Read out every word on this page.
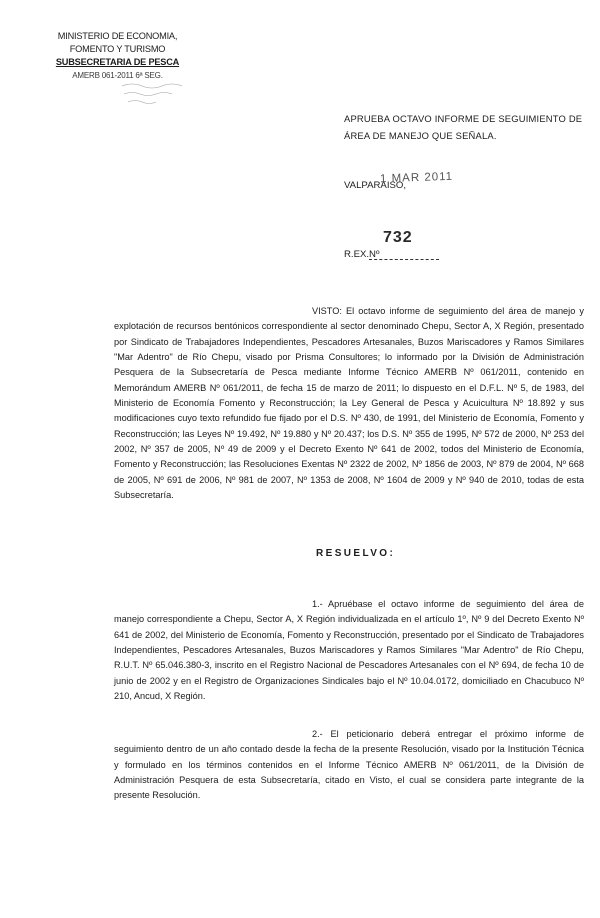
MINISTERIO DE ECONOMIA,
FOMENTO Y TURISMO
SUBSECRETARIA DE PESCA
AMERB 061-2011 6ª SEG.
APRUEBA OCTAVO INFORME DE SEGUIMIENTO DE ÁREA DE MANEJO QUE SEÑALA.
VALPARAISO,
1 MAR 2011
732
R.EX.Nº
VISTO: El octavo informe de seguimiento del área de manejo y explotación de recursos bentónicos correspondiente al sector denominado Chepu, Sector A, X Región, presentado por Sindicato de Trabajadores Independientes, Pescadores Artesanales, Buzos Mariscadores y Ramos Similares "Mar Adentro" de Río Chepu, visado por Prisma Consultores; lo informado por la División de Administración Pesquera de la Subsecretaría de Pesca mediante Informe Técnico AMERB Nº 061/2011, contenido en Memorándum AMERB Nº 061/2011, de fecha 15 de marzo de 2011; lo dispuesto en el D.F.L. Nº 5, de 1983, del Ministerio de Economía Fomento y Reconstrucción; la Ley General de Pesca y Acuicultura Nº 18.892 y sus modificaciones cuyo texto refundido fue fijado por el D.S. Nº 430, de 1991, del Ministerio de Economía, Fomento y Reconstrucción; las Leyes Nº 19.492, Nº 19.880 y Nº 20.437; los D.S. Nº 355 de 1995, Nº 572 de 2000, Nº 253 del 2002, Nº 357 de 2005, Nº 49 de 2009 y el Decreto Exento Nº 641 de 2002, todos del Ministerio de Economía, Fomento y Reconstrucción; las Resoluciones Exentas Nº 2322 de 2002, Nº 1856 de 2003, Nº 879 de 2004, Nº 668 de 2005, Nº 691 de 2006, Nº 981 de 2007, Nº 1353 de 2008, Nº 1604 de 2009 y Nº 940 de 2010, todas de esta Subsecretaría.
RESUELVO:
1.- Apruébase el octavo informe de seguimiento del área de manejo correspondiente a Chepu, Sector A, X Región individualizada en el artículo 1º, Nº 9 del Decreto Exento Nº 641 de 2002, del Ministerio de Economía, Fomento y Reconstrucción, presentado por el Sindicato de Trabajadores Independientes, Pescadores Artesanales, Buzos Mariscadores y Ramos Similares "Mar Adentro" de Río Chepu, R.U.T. Nº 65.046.380-3, inscrito en el Registro Nacional de Pescadores Artesanales con el Nº 694, de fecha 10 de junio de 2002 y en el Registro de Organizaciones Sindicales bajo el Nº 10.04.0172, domiciliado en Chacubuco Nº 210, Ancud, X Región.
2.- El peticionario deberá entregar el próximo informe de seguimiento dentro de un año contado desde la fecha de la presente Resolución, visado por la Institución Técnica y formulado en los términos contenidos en el Informe Técnico AMERB Nº 061/2011, de la División de Administración Pesquera de esta Subsecretaría, citado en Visto, el cual se considera parte integrante de la presente Resolución.
